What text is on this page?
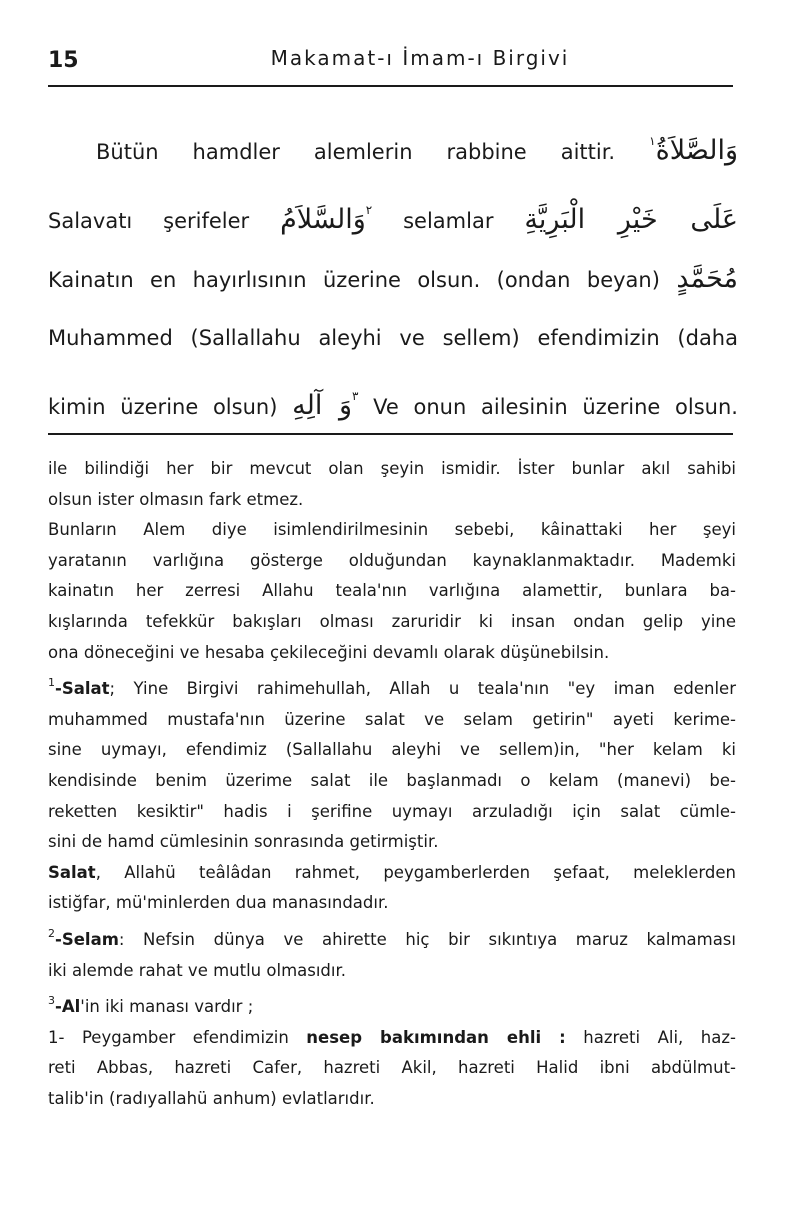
15	Makamat-ı İmam-ı Birgivi
Bütün hamdler alemlerin rabbine aittir. وَالصَّلاَةُ$^١$
Salavatı şerifeler	$^٢$وَالسَّلاَمُ selamlar عَلَى خَيْرِ الْبَرِيَّةِ
Kainatın en hayırlısının üzerine olsun. (ondan beyan) مُحَمَّدٍ
Muhammed (Sallallahu aleyhi ve sellem) efendimizin (daha
kimin üzerine olsun)	$^٣$وَ آلِهِ Ve onun ailesinin üzerine olsun.
ile bilindiği her bir mevcut olan şeyin ismidir. İster bunlar akıl sahibi
olsun ister olmasın fark etmez.
Bunların Alem diye isimlendirilmesinin sebebi, kâinattaki her şeyi
yaratanın varlığına gösterge olduğundan kaynaklanmaktadır. Mademki
kainatın her zerresi Allahu teala'nın varlığına alamettir, bunlara ba-
kışlarında tefekkür bakışları olması zaruridir ki insan ondan gelip yine
ona döneceğini ve hesaba çekileceğini devamlı olarak düşünebilsin.
$^1$-Salat; Yine Birgivi rahimehullah, Allah u teala'nın "ey iman edenler
muhammed mustafa'nın üzerine salat ve selam getirin" ayeti kerime-
sine uymayı, efendimiz (Sallallahu aleyhi ve sellem)in, "her kelam ki
kendisinde benim üzerime salat ile başlanmadı o kelam (manevi) be-
reketten kesiktir" hadis i şerifine uymayı arzuladığı için salat cümle-
sini de hamd cümlesinin sonrasında getirmiştir.
Salat, Allahü teâlâdan rahmet, peygamberlerden şefaat, meleklerden
istiğfar, mü'minlerden dua manasındadır.
$^2$-Selam: Nefsin dünya ve ahirette hiç bir sıkıntıya maruz kalmaması
iki alemde rahat ve mutlu olmasıdır.
$^3$-Al'in iki manası vardır ;
1- Peygamber efendimizin nesep bakımından ehli : hazreti Ali, haz-
reti Abbas, hazreti Cafer, hazreti Akil, hazreti Halid ibni abdülmut-
talib'in (radıyallahü anhum) evlatlarıdır.
